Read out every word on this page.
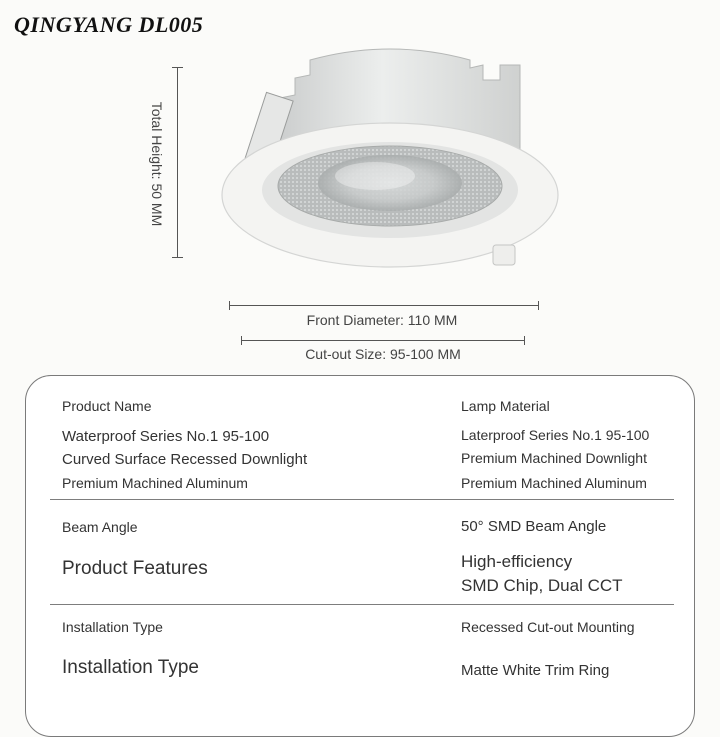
QINGYANG DL005
Total Height: 50 MM
Front Diameter: 110 MM
Cut-out Size: 95-100 MM
Product Name
Waterproof Series No.1 95-100
Curved Surface Recessed Downlight
Premium Machined Aluminum
Lamp Material
Laterproof Series No.1 95-100
Premium Machined Downlight
Premium Machined Aluminum
Beam Angle
Product Features
50° SMD Beam Angle
High-efficiency
SMD Chip, Dual CCT
Installation Type
Installation Type
Recessed Cut-out Mounting
Matte White Trim Ring
